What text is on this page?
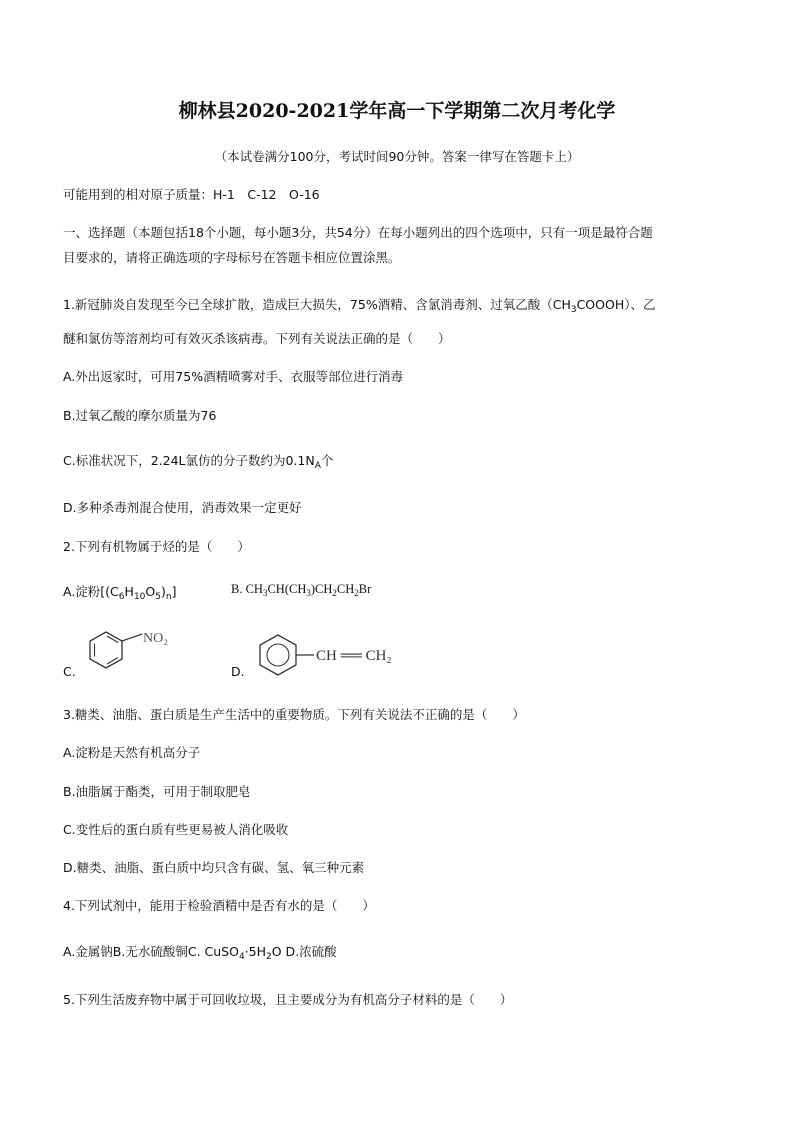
柳林县2020-2021学年高一下学期第二次月考化学
（本试卷满分100分，考试时间90分钟。答案一律写在答题卡上）
可能用到的相对原子质量：H-1　C-12　O-16
一、选择题（本题包括18个小题，每小题3分，共54分）在每小题列出的四个选项中，只有一项是最符合题
目要求的，请将正确选项的字母标号在答题卡相应位置涂黑。
1.新冠肺炎自发现至今已全球扩散，造成巨大损失，75%酒精、含氯消毒剂、过氧乙酸$(CH_3COOOH)$、乙
醚和氯仿等溶剂均可有效灭杀该病毒。下列有关说法正确的是（　　）
A.外出返家时，可用75%酒精喷雾对手、衣服等部位进行消毒
B.过氧乙酸的摩尔质量为76
C.标准状况下，2.24L氯仿的分子数约为$0.1N_A$个
D.多种杀毒剂混合使用，消毒效果一定更好
2.下列有机物属于烃的是（　　）
A.淀粉$[(C_6H_{10}O_5)_n]$	B. $CH_3CH(CH_3)CH_2CH_2Br$
C.
NO₂
D.
CH ══ CH₂
3.糖类、油脂、蛋白质是生产生活中的重要物质。下列有关说法不正确的是（　　）
A.淀粉是天然有机高分子
B.油脂属于酯类，可用于制取肥皂
C.变性后的蛋白质有些更易被人消化吸收
D.糖类、油脂、蛋白质中均只含有碳、氢、氧三种元素
4.下列试剂中，能用于检验酒精中是否有水的是（　　）
A.金属钠B.无水硫酸铜C. $CuSO_4\cdot 5H_2O$ D.浓硫酸
5.下列生活废弃物中属于可回收垃圾，且主要成分为有机高分子材料的是（　　）
